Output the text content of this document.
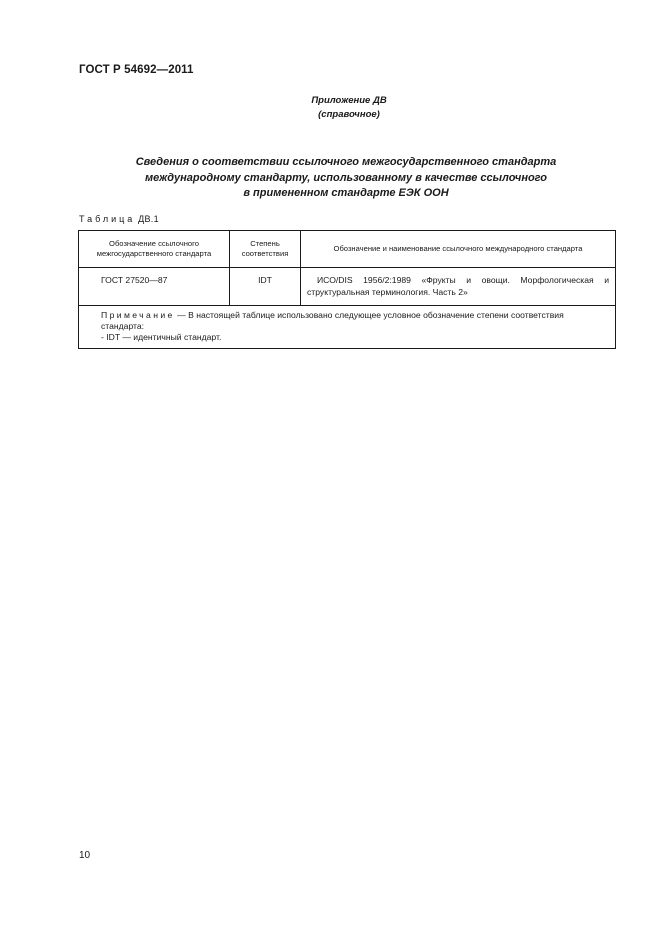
ГОСТ Р 54692—2011
Приложение ДВ
(справочное)
Сведения о соответствии ссылочного межгосударственного стандарта
международному стандарту, использованному в качестве ссылочного
в примененном стандарте ЕЭК ООН
Таблица ДВ.1
Обозначение ссылочного межгосударственного стандарта	Степень соответствия	Обозначение и наименование ссылочного международного стандарта
ГОСТ 27520—87	IDT	ИСО/DIS 1956/2:1989 «Фрукты и овощи. Морфологическая и структуральная терминология. Часть 2»

Примечание — В настоящей таблице использовано следующее условное обозначение степени соответствия стандарта:
- IDT — идентичный стандарт.		
10
